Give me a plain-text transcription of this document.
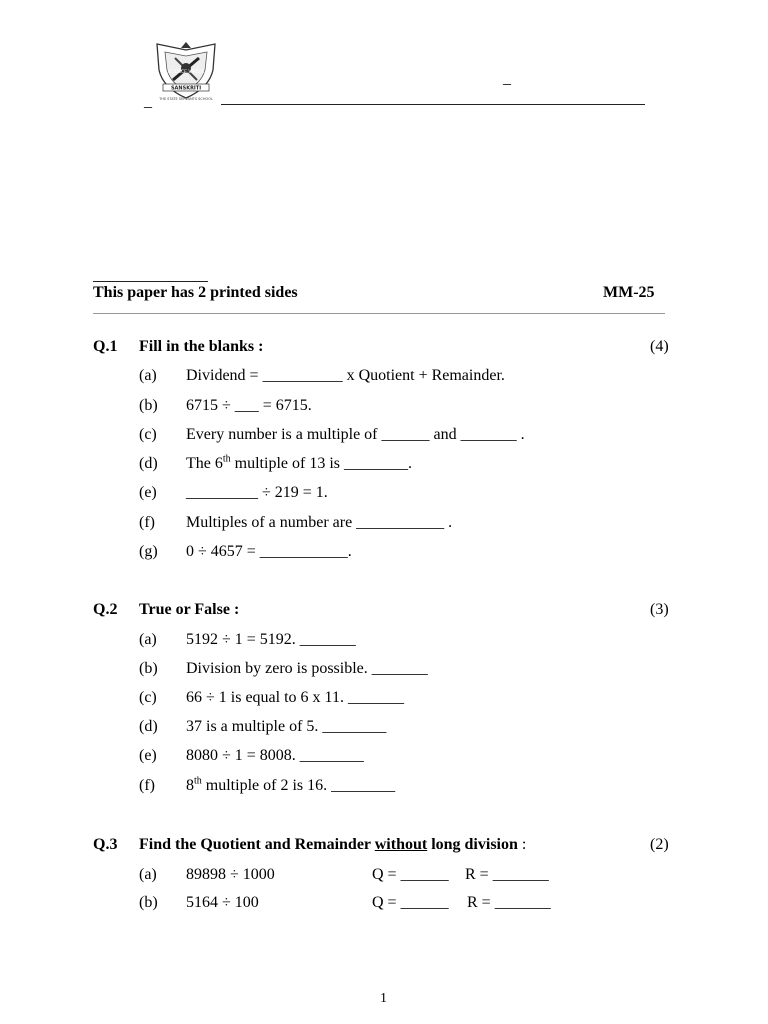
SCIENCE VIRTUE
SANSKRITI
THE STATE SERVANTS SCHOOL
_
_
This paper has 2 printed sides	MM-25
Q.1 Fill in the blanks :	(4)
(a) Dividend = __________ x Quotient + Remainder.
(b) 6715 ÷ ___ = 6715.
(c) Every number is a multiple of ______ and _______ .
(d) The 6th multiple of 13 is ________.
(e) _________ ÷ 219 = 1.
(f) Multiples of a number are ___________ .
(g) 0 ÷ 4657 = ___________.
Q.2 True or False :	(3)
(a) 5192 ÷ 1 = 5192. _______
(b) Division by zero is possible. _______
(c) 66 ÷ 1 is equal to 6 x 11. _______
(d) 37 is a multiple of 5. ________
(e) 8080 ÷ 1 = 8008. ________
(f) 8th multiple of 2 is 16. ________
Q.3 Find the Quotient and Remainder without long division :	(2)
(a) 89898 ÷ 1000	Q = ______ R = _______
(b) 5164 ÷ 100	Q = ______ R = _______
1
